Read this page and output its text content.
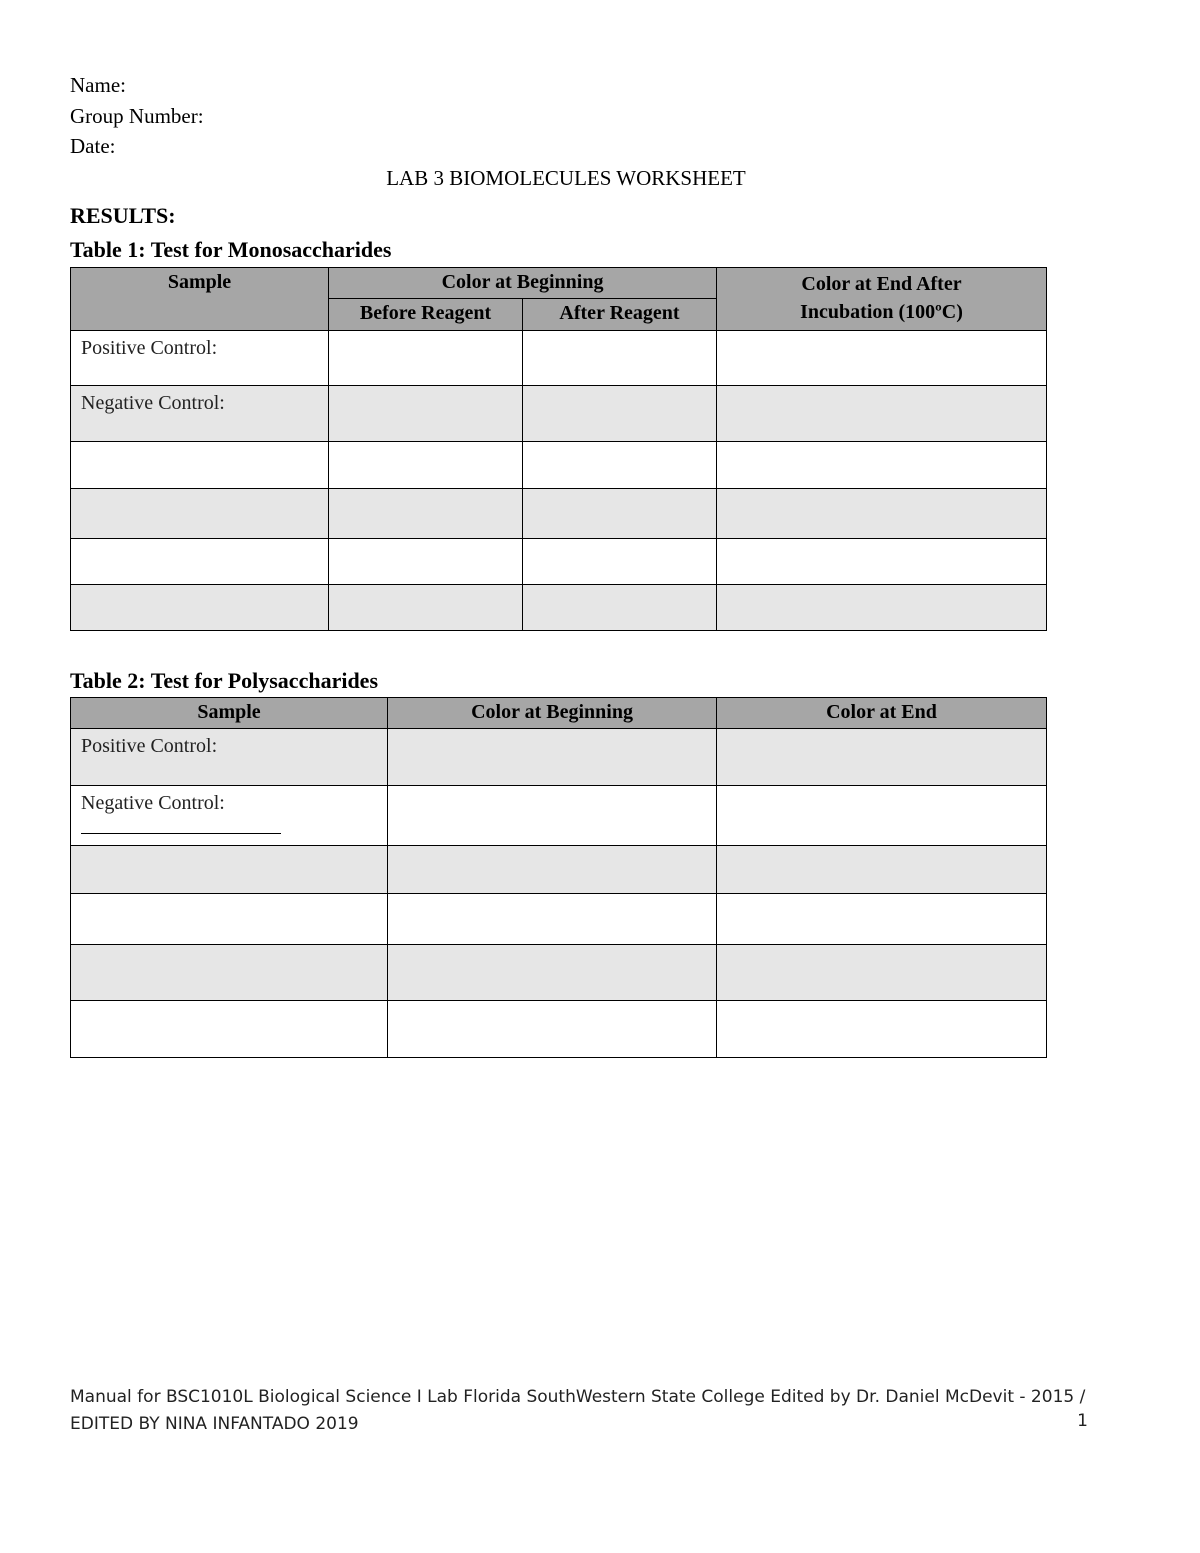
Name:
Group Number:
Date:
LAB 3 BIOMOLECULES WORKSHEET
RESULTS:
Table 1: Test for Monosaccharides
Sample	Color at Beginning		Color at End After Incubation (100ºC)
	Before Reagent	After Reagent	
Positive Control:			
Negative Control:			

Table 2: Test for Polysaccharides
Sample	Color at Beginning	Color at End
Positive Control:		
Negative Control:

Manual for BSC1010L Biological Science I Lab Florida SouthWestern State College Edited by Dr. Daniel McDevit - 2015 / EDITED BY NINA INFANTADO 2019	1
